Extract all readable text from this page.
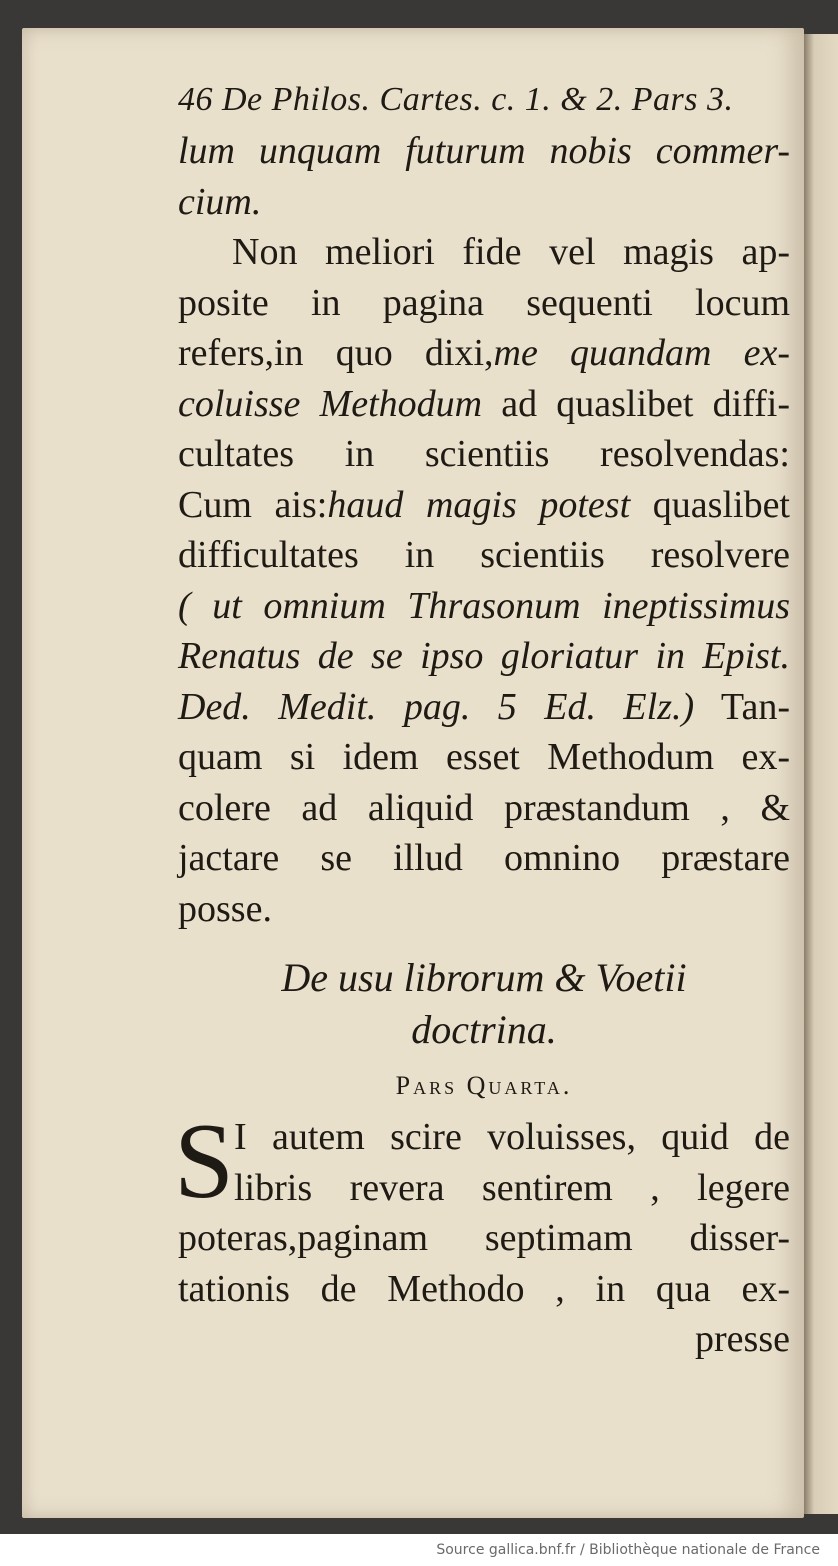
46 De Philos. Cartes. c. 1. & 2. Pars 3.
lum unquam futurum nobis commer-
cium.
Non meliori fide vel magis ap-
posite in pagina sequenti locum
refers,in quo dixi,me quandam ex-
coluisse Methodum ad quaslibet diffi-
cultates in scientiis resolvendas:
Cum ais:haud magis potest quaslibet
difficultates in scientiis resolvere
( ut omnium Thrasonum ineptissimus
Renatus de se ipso gloriatur in Epist.
Ded. Medit. pag. 5 Ed. Elz.) Tan-
quam si idem esset Methodum ex-
colere ad aliquid præstandum , &
jactare se illud omnino præstare
posse.
De usu librorum & Voetii
doctrina.
Pars Quarta.
S I autem scire voluisses, quid de
libris revera sentirem , legere
poteras,paginam septimam disser-
tationis de Methodo , in qua ex-
presse
Source gallica.bnf.fr / Bibliothèque nationale de France
